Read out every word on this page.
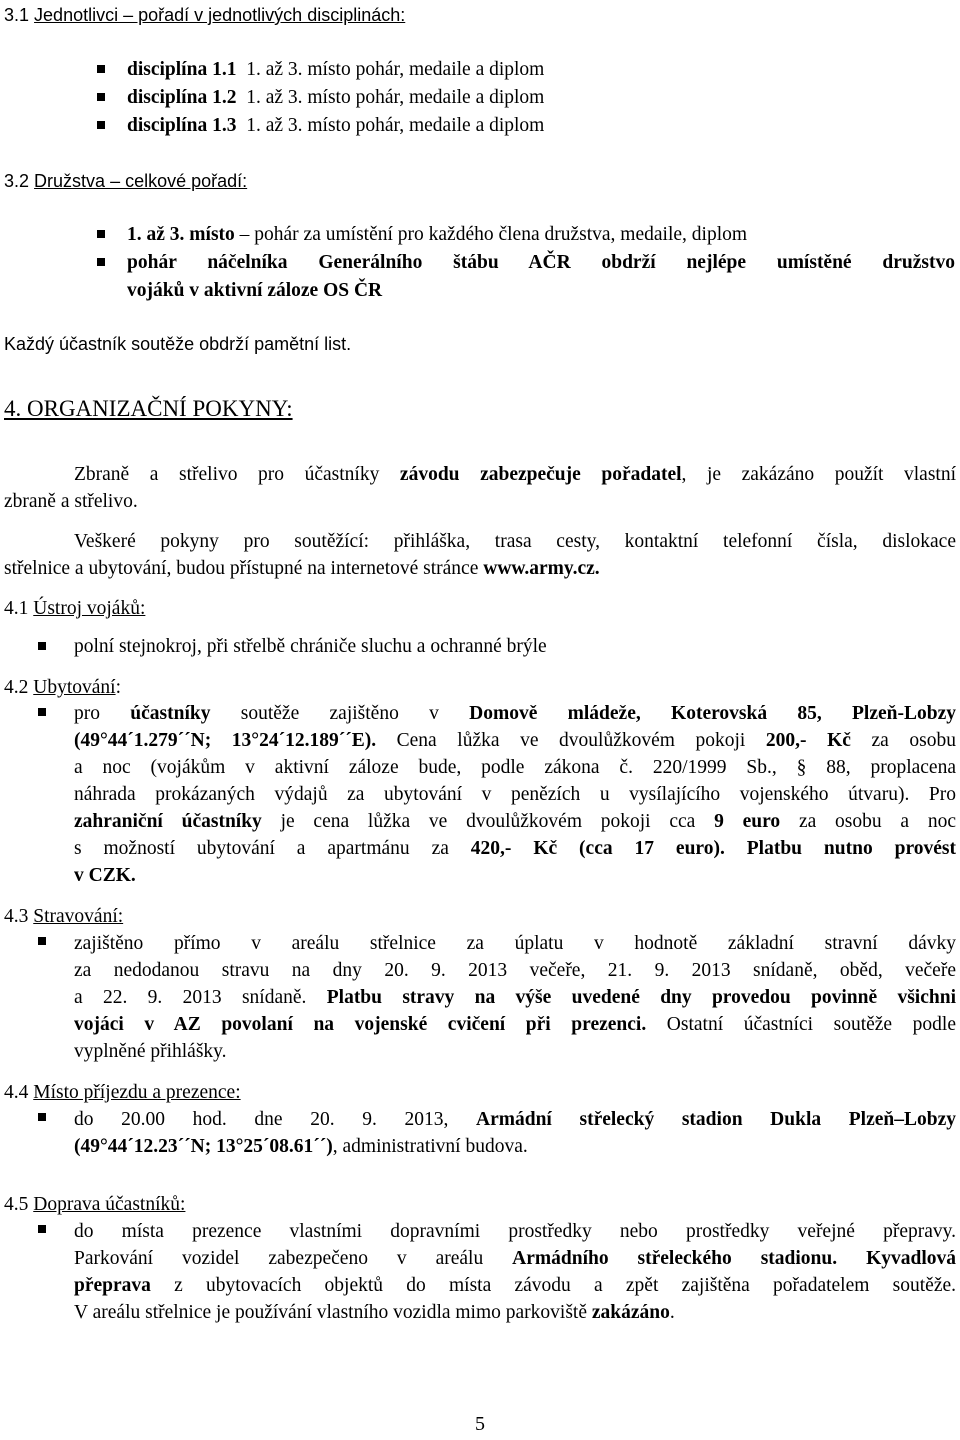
3.1 Jednotlivci – pořadí v jednotlivých disciplinách:
disciplína 1.1  1. až 3. místo pohár, medaile a diplom
disciplína 1.2  1. až 3. místo pohár, medaile a diplom
disciplína 1.3  1. až 3. místo pohár, medaile a diplom
3.2 Družstva – celkové pořadí:
1. až 3. místo – pohár za umístění pro každého člena družstva, medaile, diplom
pohár náčelníka Generálního štábu AČR obdrží nejlépe umístěné družstvo
vojáků v aktivní záloze OS ČR
Každý účastník soutěže obdrží pamětní list.
4. ORGANIZAČNÍ POKYNY:
Zbraně a střelivo pro účastníky závodu zabezpečuje pořadatel, je zakázáno použít vlastní
zbraně a střelivo.
Veškeré pokyny pro soutěžící: přihláška, trasa cesty, kontaktní telefonní čísla, dislokace
střelnice a ubytování, budou přístupné na internetové stránce www.army.cz.
4.1 Ústroj vojáků:
polní stejnokroj, při střelbě chrániče sluchu a ochranné brýle
4.2 Ubytování:
pro účastníky soutěže zajištěno v Domově mládeže, Koterovská 85, Plzeň-Lobzy
(49°44´1.279´´N; 13°24´12.189´´E). Cena lůžka ve dvoulůžkovém pokoji 200,- Kč za osobu
a noc (vojákům v aktivní záloze bude, podle zákona č. 220/1999 Sb., § 88, proplacena
náhrada prokázaných výdajů za ubytování v penězích u vysílajícího vojenského útvaru). Pro
zahraniční účastníky je cena lůžka ve dvoulůžkovém pokoji cca 9 euro za osobu a noc
s možností ubytování a apartmánu za 420,- Kč (cca 17 euro). Platbu nutno provést
v CZK.
4.3 Stravování:
zajištěno přímo v areálu střelnice za úplatu v hodnotě základní stravní dávky
za nedodanou stravu na dny 20. 9. 2013 večeře, 21. 9. 2013 snídaně, oběd, večeře
a 22. 9. 2013 snídaně. Platbu stravy na výše uvedené dny provedou povinně všichni
vojáci v AZ povolaní na vojenské cvičení při prezenci. Ostatní účastníci soutěže podle
vyplněné přihlášky.
4.4 Místo příjezdu a prezence:
do 20.00 hod. dne 20. 9. 2013, Armádní střelecký stadion Dukla Plzeň–Lobzy
(49°44´12.23´´N; 13°25´08.61´´), administrativní budova.
4.5 Doprava účastníků:
do místa prezence vlastními dopravními prostředky nebo prostředky veřejné přepravy.
Parkování vozidel zabezpečeno v areálu Armádního střeleckého stadionu. Kyvadlová
přeprava z ubytovacích objektů do místa závodu a zpět zajištěna pořadatelem soutěže.
V areálu střelnice je používání vlastního vozidla mimo parkoviště zakázáno.
5
